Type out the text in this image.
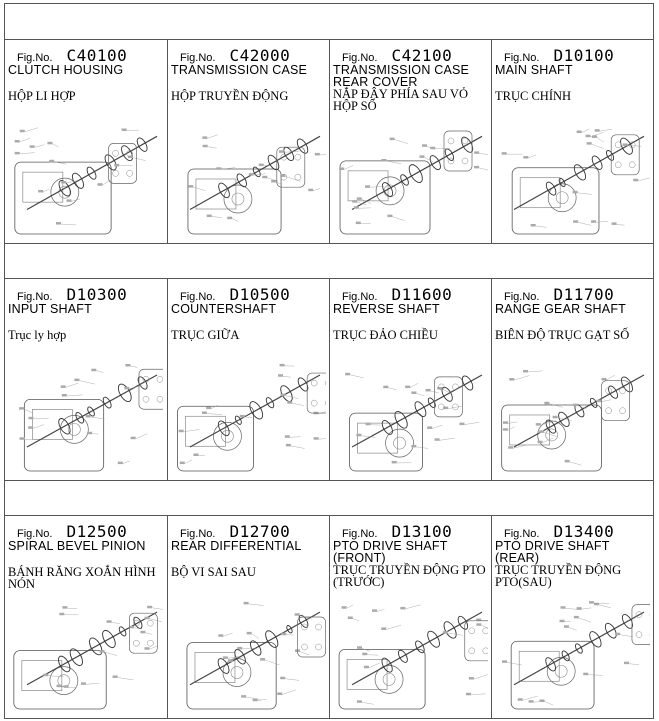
Fig.No. C40100
CLUTCH HOUSING
HỘP LI HỢP
Fig.No. C42000
TRANSMISSION CASE
HỘP TRUYỀN ĐỘNG
Fig.No. C42100
TRANSMISSION CASE
REAR COVER
NẮP ĐẬY PHÍA SAU VỎ
HỘP SỐ
Fig.No. D10100
MAIN SHAFT
TRỤC CHÍNH
Fig.No. D10300
INPUT SHAFT
Trục ly hợp
Fig.No. D10500
COUNTERSHAFT
TRỤC GIỮA
Fig.No. D11600
REVERSE SHAFT
TRỤC ĐẢO CHIỀU
Fig.No. D11700
RANGE GEAR SHAFT
BIÊN ĐỘ TRỤC GẠT SỐ
Fig.No. D12500
SPIRAL BEVEL PINION
BÁNH RĂNG XOẮN HÌNH
NÓN
Fig.No. D12700
REAR DIFFERENTIAL
BỘ VI SAI SAU
Fig.No. D13100
PTO DRIVE SHAFT
(FRONT)
TRỤC TRUYỀN ĐỘNG PTO
(TRƯỚC)
Fig.No. D13400
PTO DRIVE SHAFT
(REAR)
TRỤC TRUYỀN ĐỘNG
PTO(SAU)
